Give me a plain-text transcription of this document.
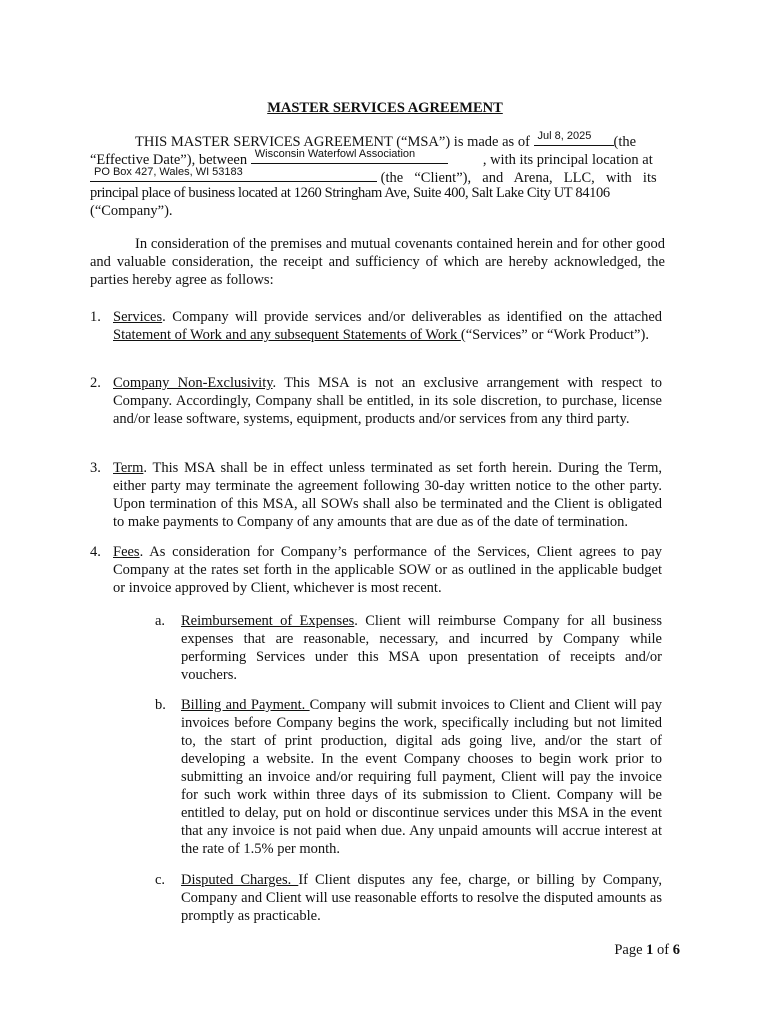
MASTER SERVICES AGREEMENT
THIS MASTER SERVICES AGREEMENT (“MSA”) is made as of Jul 8, 2025 (the
“Effective Date”), between Wisconsin Waterfowl Association	, with its principal location at
PO Box 427, Wales, WI 53183	(the “Client”), and Arena, LLC, with its
principal place of business located at 1260 Stringham Ave, Suite 400, Salt Lake City UT 84106
(“Company”).
In consideration of the premises and mutual covenants contained herein and for other good and valuable consideration, the receipt and sufficiency of which are hereby acknowledged, the parties hereby agree as follows:
1. Services. Company will provide services and/or deliverables as identified on the attached Statement of Work and any subsequent Statements of Work (“Services” or “Work Product”).
2. Company Non-Exclusivity. This MSA is not an exclusive arrangement with respect to Company. Accordingly, Company shall be entitled, in its sole discretion, to purchase, license and/or lease software, systems, equipment, products and/or services from any third party.
3. Term. This MSA shall be in effect unless terminated as set forth herein. During the Term, either party may terminate the agreement following 30-day written notice to the other party. Upon termination of this MSA, all SOWs shall also be terminated and the Client is obligated to make payments to Company of any amounts that are due as of the date of termination.
4. Fees. As consideration for Company’s performance of the Services, Client agrees to pay Company at the rates set forth in the applicable SOW or as outlined in the applicable budget or invoice approved by Client, whichever is most recent.
a.	Reimbursement of Expenses. Client will reimburse Company for all business expenses that are reasonable, necessary, and incurred by Company while performing Services under this MSA upon presentation of receipts and/or vouchers.
b.	Billing and Payment. Company will submit invoices to Client and Client will pay invoices before Company begins the work, specifically including but not limited to, the start of print production, digital ads going live, and/or the start of developing a website. In the event Company chooses to begin work prior to submitting an invoice and/or requiring full payment, Client will pay the invoice for such work within three days of its submission to Client. Company will be entitled to delay, put on hold or discontinue services under this MSA in the event that any invoice is not paid when due. Any unpaid amounts will accrue interest at the rate of 1.5% per month.
c.	Disputed Charges. If Client disputes any fee, charge, or billing by Company, Company and Client will use reasonable efforts to resolve the disputed amounts as promptly as practicable.
Page 1 of 6
